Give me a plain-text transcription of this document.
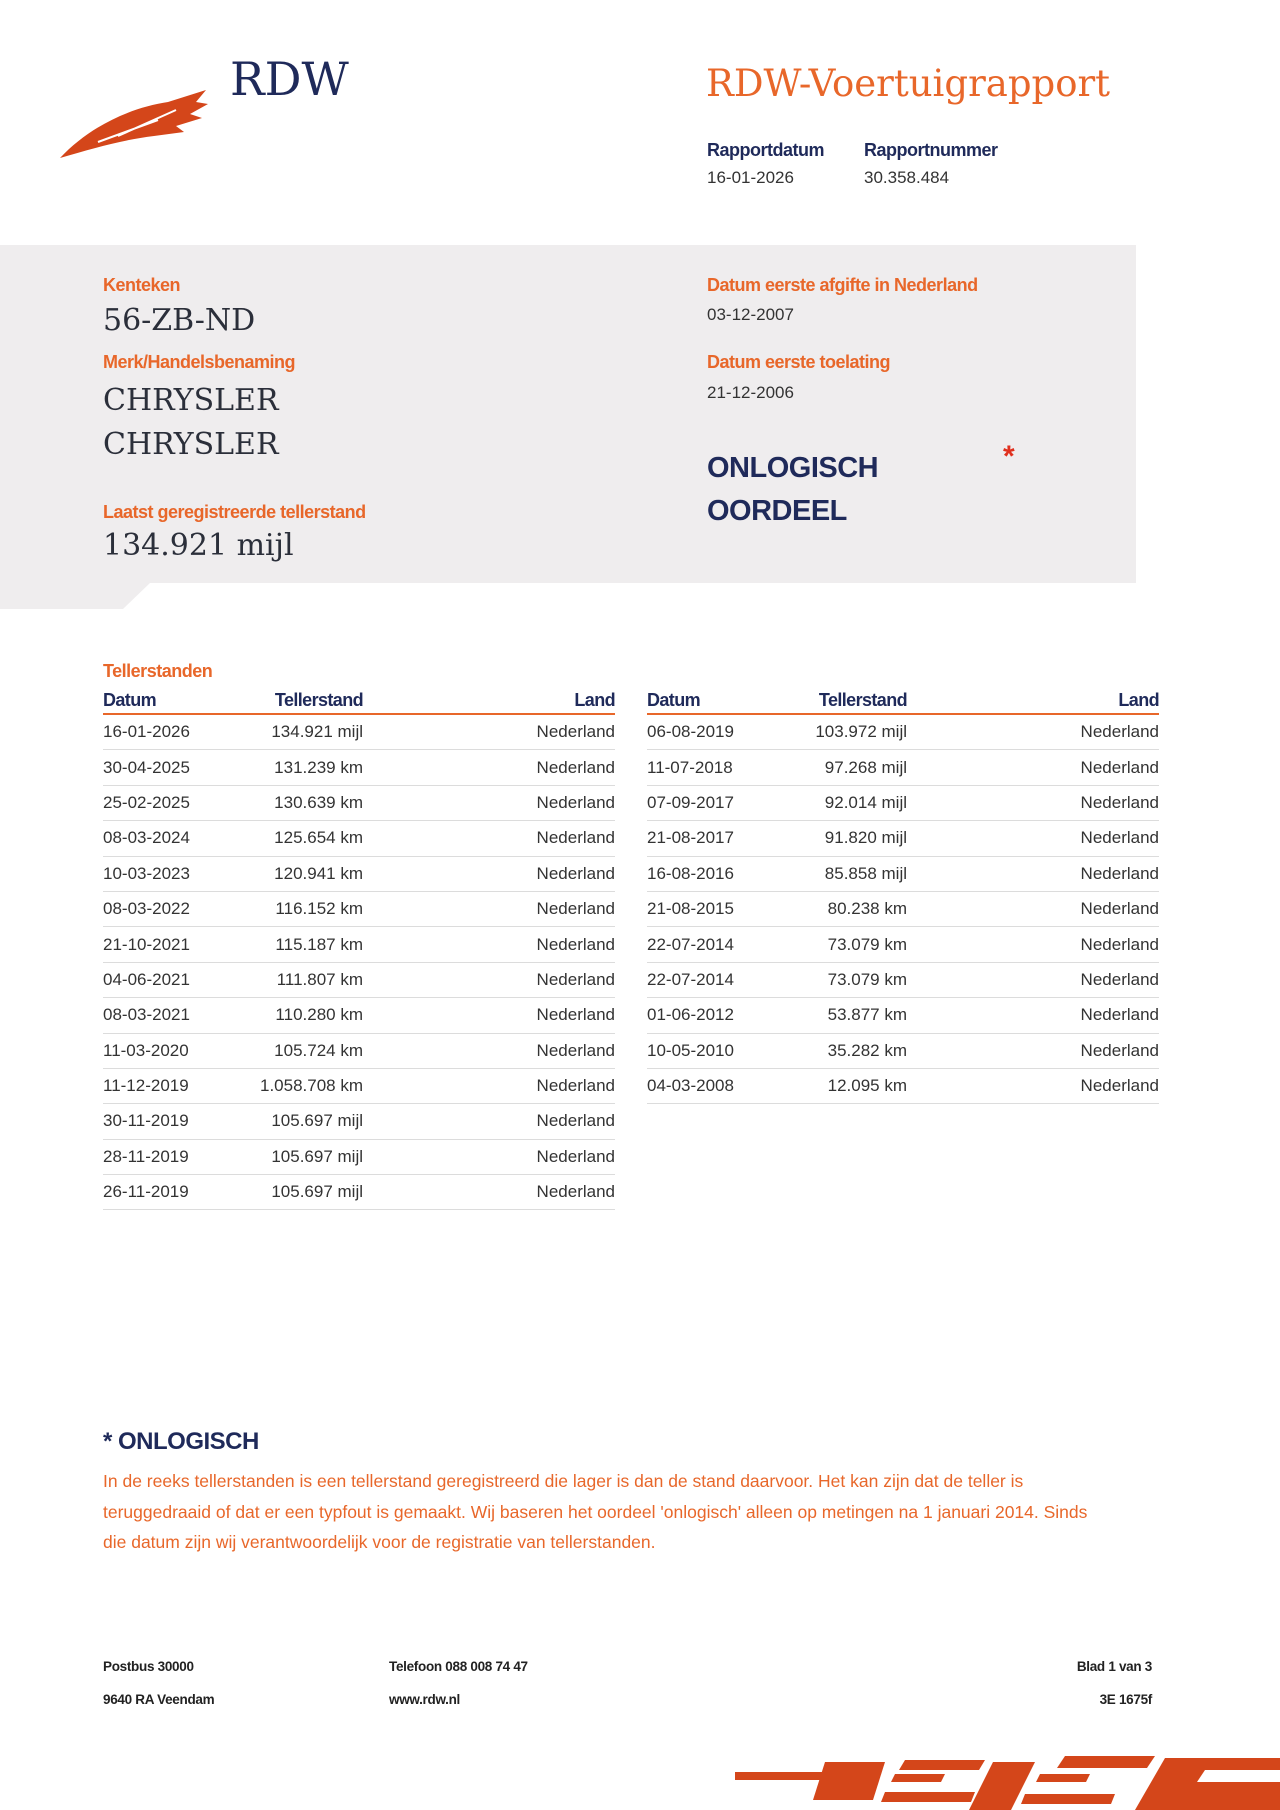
RDW	RDW-Voertuigrapport
Rapportdatum
16-01-2026
Rapportnummer
30.358.484
Kenteken
56-ZB-ND
Merk/Handelsbenaming
CHRYSLER
CHRYSLER
Laatst geregistreerde tellerstand
134.921 mijl
Datum eerste afgifte in Nederland
03-12-2007
Datum eerste toelating
21-12-2006
ONLOGISCH
OORDEEL
*
Tellerstanden
Datum	Tellerstand	Land
16-01-2026	134.921 mijl	Nederland
30-04-2025	131.239 km	Nederland
25-02-2025	130.639 km	Nederland
08-03-2024	125.654 km	Nederland
10-03-2023	120.941 km	Nederland
08-03-2022	116.152 km	Nederland
21-10-2021	115.187 km	Nederland
04-06-2021	111.807 km	Nederland
08-03-2021	110.280 km	Nederland
11-03-2020	105.724 km	Nederland
11-12-2019	1.058.708 km	Nederland
30-11-2019	105.697 mijl	Nederland
28-11-2019	105.697 mijl	Nederland
26-11-2019	105.697 mijl	Nederland
Datum	Tellerstand	Land
06-08-2019	103.972 mijl	Nederland
11-07-2018	97.268 mijl	Nederland
07-09-2017	92.014 mijl	Nederland
21-08-2017	91.820 mijl	Nederland
16-08-2016	85.858 mijl	Nederland
21-08-2015	80.238 km	Nederland
22-07-2014	73.079 km	Nederland
22-07-2014	73.079 km	Nederland
01-06-2012	53.877 km	Nederland
10-05-2010	35.282 km	Nederland
04-03-2008	12.095 km	Nederland
* ONLOGISCH
In de reeks tellerstanden is een tellerstand geregistreerd die lager is dan de stand daarvoor. Het kan zijn dat de teller is teruggedraaid of dat er een typfout is gemaakt. Wij baseren het oordeel 'onlogisch' alleen op metingen na 1 januari 2014. Sinds die datum zijn wij verantwoordelijk voor de registratie van tellerstanden.
Postbus 30000
9640 RA Veendam
Telefoon 088 008 74 47
www.rdw.nl
Blad 1 van 3
3E 1675f
